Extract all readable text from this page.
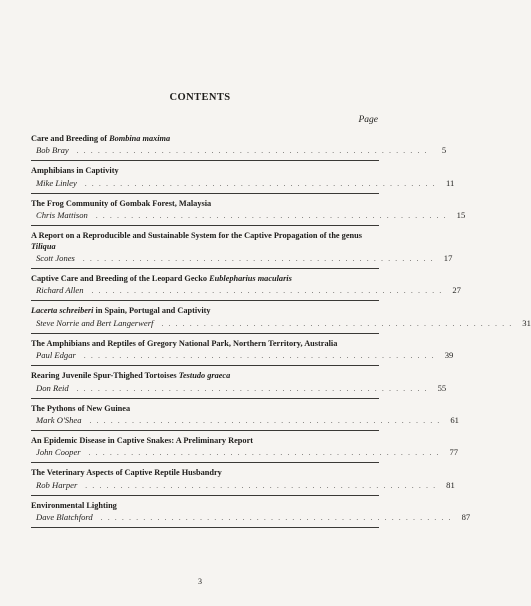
CONTENTS
Page
Care and Breeding of Bombina maxima
Bob Bray	. . . . . . . . . . . . . . . . . . . . . . . . . . . . . . . . . . . . . . . . . . . . . . . . . .	5
Amphibians in Captivity
Mike Linley	. . . . . . . . . . . . . . . . . . . . . . . . . . . . . . . . . . . . . . . . . . . . . . . . . .	11
The Frog Community of Gombak Forest, Malaysia
Chris Mattison	. . . . . . . . . . . . . . . . . . . . . . . . . . . . . . . . . . . . . . . . . . . . . . . . . .	15
A Report on a Reproducible and Sustainable System for the Captive Propagation of the genus Tiliqua
Scott Jones	. . . . . . . . . . . . . . . . . . . . . . . . . . . . . . . . . . . . . . . . . . . . . . . . . .	17
Captive Care and Breeding of the Leopard Gecko Eublepharius macularis
Richard Allen	. . . . . . . . . . . . . . . . . . . . . . . . . . . . . . . . . . . . . . . . . . . . . . . . . .	27
Lacerta schreiberi in Spain, Portugal and Captivity
Steve Norrie and Bert Langerwerf	. . . . . . . . . . . . . . . . . . . . . . . . . . . . . . . . . . . . . . . . . . . . . . . . . .	31
The Amphibians and Reptiles of Gregory National Park, Northern Territory, Australia
Paul Edgar	. . . . . . . . . . . . . . . . . . . . . . . . . . . . . . . . . . . . . . . . . . . . . . . . . .	39
Rearing Juvenile Spur-Thighed Tortoises Testudo graeca
Don Reid	. . . . . . . . . . . . . . . . . . . . . . . . . . . . . . . . . . . . . . . . . . . . . . . . . .	55
The Pythons of New Guinea
Mark O'Shea	. . . . . . . . . . . . . . . . . . . . . . . . . . . . . . . . . . . . . . . . . . . . . . . . . .	61
An Epidemic Disease in Captive Snakes: A Preliminary Report
John Cooper	. . . . . . . . . . . . . . . . . . . . . . . . . . . . . . . . . . . . . . . . . . . . . . . . . .	77
The Veterinary Aspects of Captive Reptile Husbandry
Rob Harper	. . . . . . . . . . . . . . . . . . . . . . . . . . . . . . . . . . . . . . . . . . . . . . . . . .	81
Environmental Lighting
Dave Blatchford	. . . . . . . . . . . . . . . . . . . . . . . . . . . . . . . . . . . . . . . . . . . . . . . . . .	87
3
